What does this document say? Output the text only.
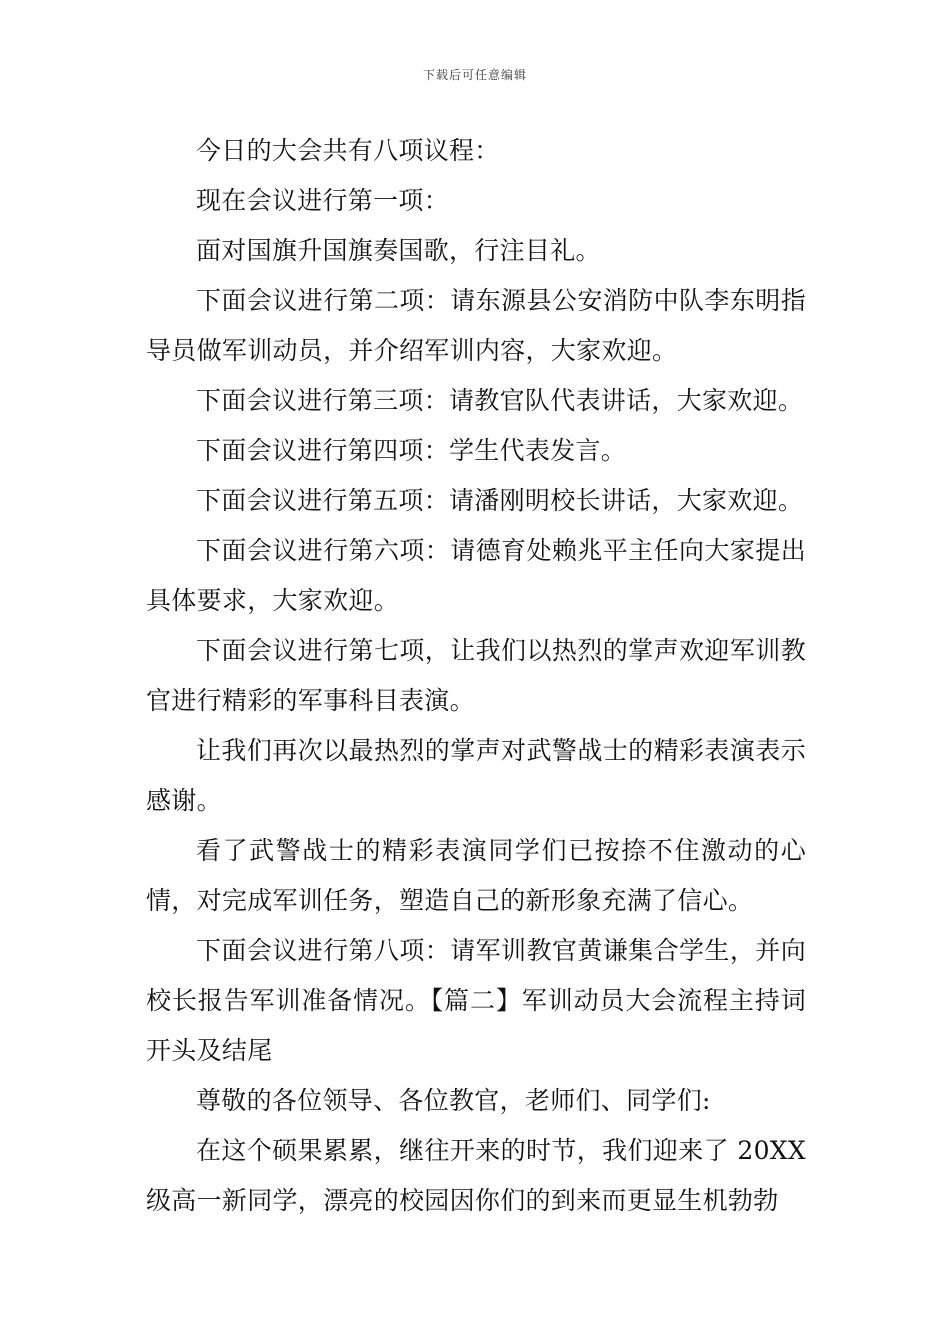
下载后可任意编辑

今日的大会共有八项议程：

现在会议进行第一项：

面对国旗升国旗奏国歌，行注目礼。

下面会议进行第二项：请东源县公安消防中队李东明指导员做军训动员，并介绍军训内容，大家欢迎。

下面会议进行第三项：请教官队代表讲话，大家欢迎。

下面会议进行第四项：学生代表发言。

下面会议进行第五项：请潘刚明校长讲话，大家欢迎。

下面会议进行第六项：请德育处赖兆平主任向大家提出具体要求，大家欢迎。

下面会议进行第七项，让我们以热烈的掌声欢迎军训教官进行精彩的军事科目表演。

让我们再次以最热烈的掌声对武警战士的精彩表演表示感谢。

看了武警战士的精彩表演同学们已按捺不住激动的心情，对完成军训任务，塑造自己的新形象充满了信心。

下面会议进行第八项：请军训教官黄谦集合学生，并向校长报告军训准备情况。【篇二】军训动员大会流程主持词开头及结尾

尊敬的各位领导、各位教官，老师们、同学们:

在这个硕果累累，继往开来的时节，我们迎来了 20XX级高一新同学，漂亮的校园因你们的到来而更显生机勃勃
